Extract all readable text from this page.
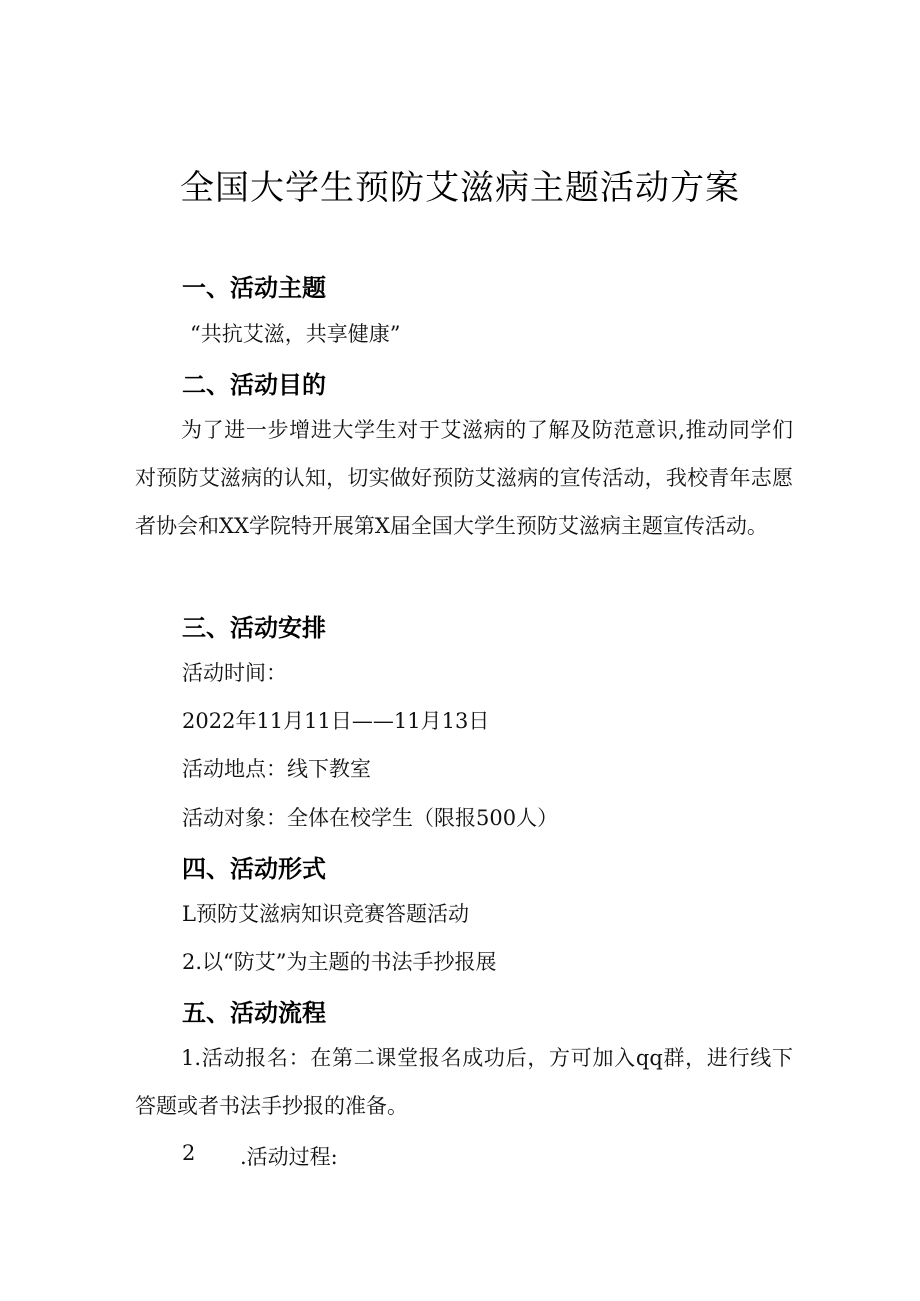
全国大学生预防艾滋病主题活动方案
一、活动主题
“共抗艾滋，共享健康”
二、活动目的
为了进一步增进大学生对于艾滋病的了解及防范意识,推动同学们对预防艾滋病的认知，切实做好预防艾滋病的宣传活动，我校青年志愿者协会和XX学院特开展第X届全国大学生预防艾滋病主题宣传活动。
三、活动安排
活动时间：
2022年11月11日——11月13日
活动地点：线下教室
活动对象：全体在校学生（限报500人）
四、活动形式
L预防艾滋病知识竞赛答题活动
2.以“防艾”为主题的书法手抄报展
五、活动流程
1.活动报名：在第二课堂报名成功后，方可加入qq群，进行线下答题或者书法手抄报的准备。
2 .活动过程:
